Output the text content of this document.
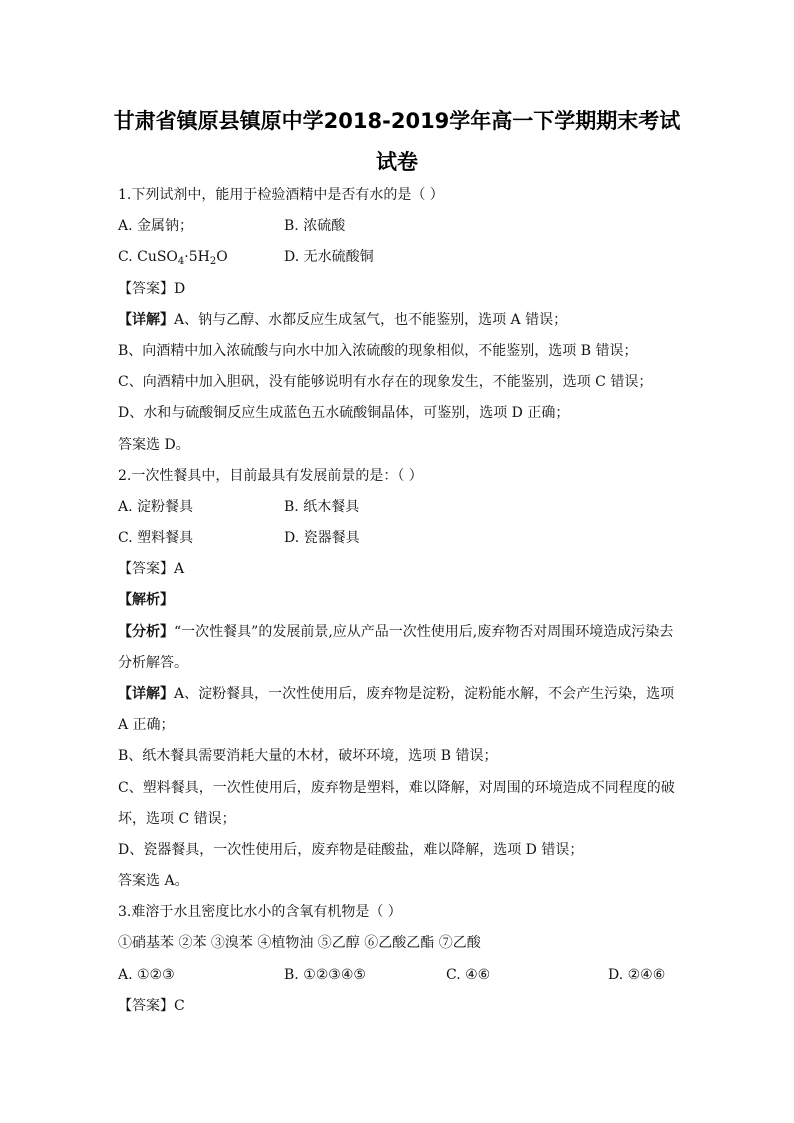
甘肃省镇原县镇原中学2018-2019学年高一下学期期末考试
试卷
1.下列试剂中，能用于检验酒精中是否有水的是（ ）
A. 金属钠；	B. 浓硫酸
C. $CuSO_4\cdot 5H_2O$	D. 无水硫酸铜
【答案】D
【详解】A、钠与乙醇、水都反应生成氢气，也不能鉴别，选项 A 错误；
B、向酒精中加入浓硫酸与向水中加入浓硫酸的现象相似，不能鉴别，选项 B 错误；
C、向酒精中加入胆矾，没有能够说明有水存在的现象发生，不能鉴别，选项 C 错误；
D、水和与硫酸铜反应生成蓝色五水硫酸铜晶体，可鉴别，选项 D 正确；
答案选 D。
2.一次性餐具中，目前最具有发展前景的是：（ ）
A. 淀粉餐具	B. 纸木餐具
C. 塑料餐具	D. 瓷器餐具
【答案】A
【解析】
【分析】“一次性餐具”的发展前景,应从产品一次性使用后,废弃物否对周围环境造成污染去
分析解答。
【详解】A、淀粉餐具，一次性使用后，废弃物是淀粉，淀粉能水解，不会产生污染，选项
A 正确；
B、纸木餐具需要消耗大量的木材，破坏环境，选项 B 错误；
C、塑料餐具，一次性使用后，废弃物是塑料，难以降解，对周围的环境造成不同程度的破
坏，选项 C 错误；
D、瓷器餐具，一次性使用后，废弃物是硅酸盐，难以降解，选项 D 错误；
答案选 A。
3.难溶于水且密度比水小的含氧有机物是（ ）
①硝基苯 ②苯 ③溴苯 ④植物油 ⑤乙醇 ⑥乙酸乙酯 ⑦乙酸
A. ①②③	B. ①②③④⑤	C. ④⑥	D. ②④⑥
【答案】C
